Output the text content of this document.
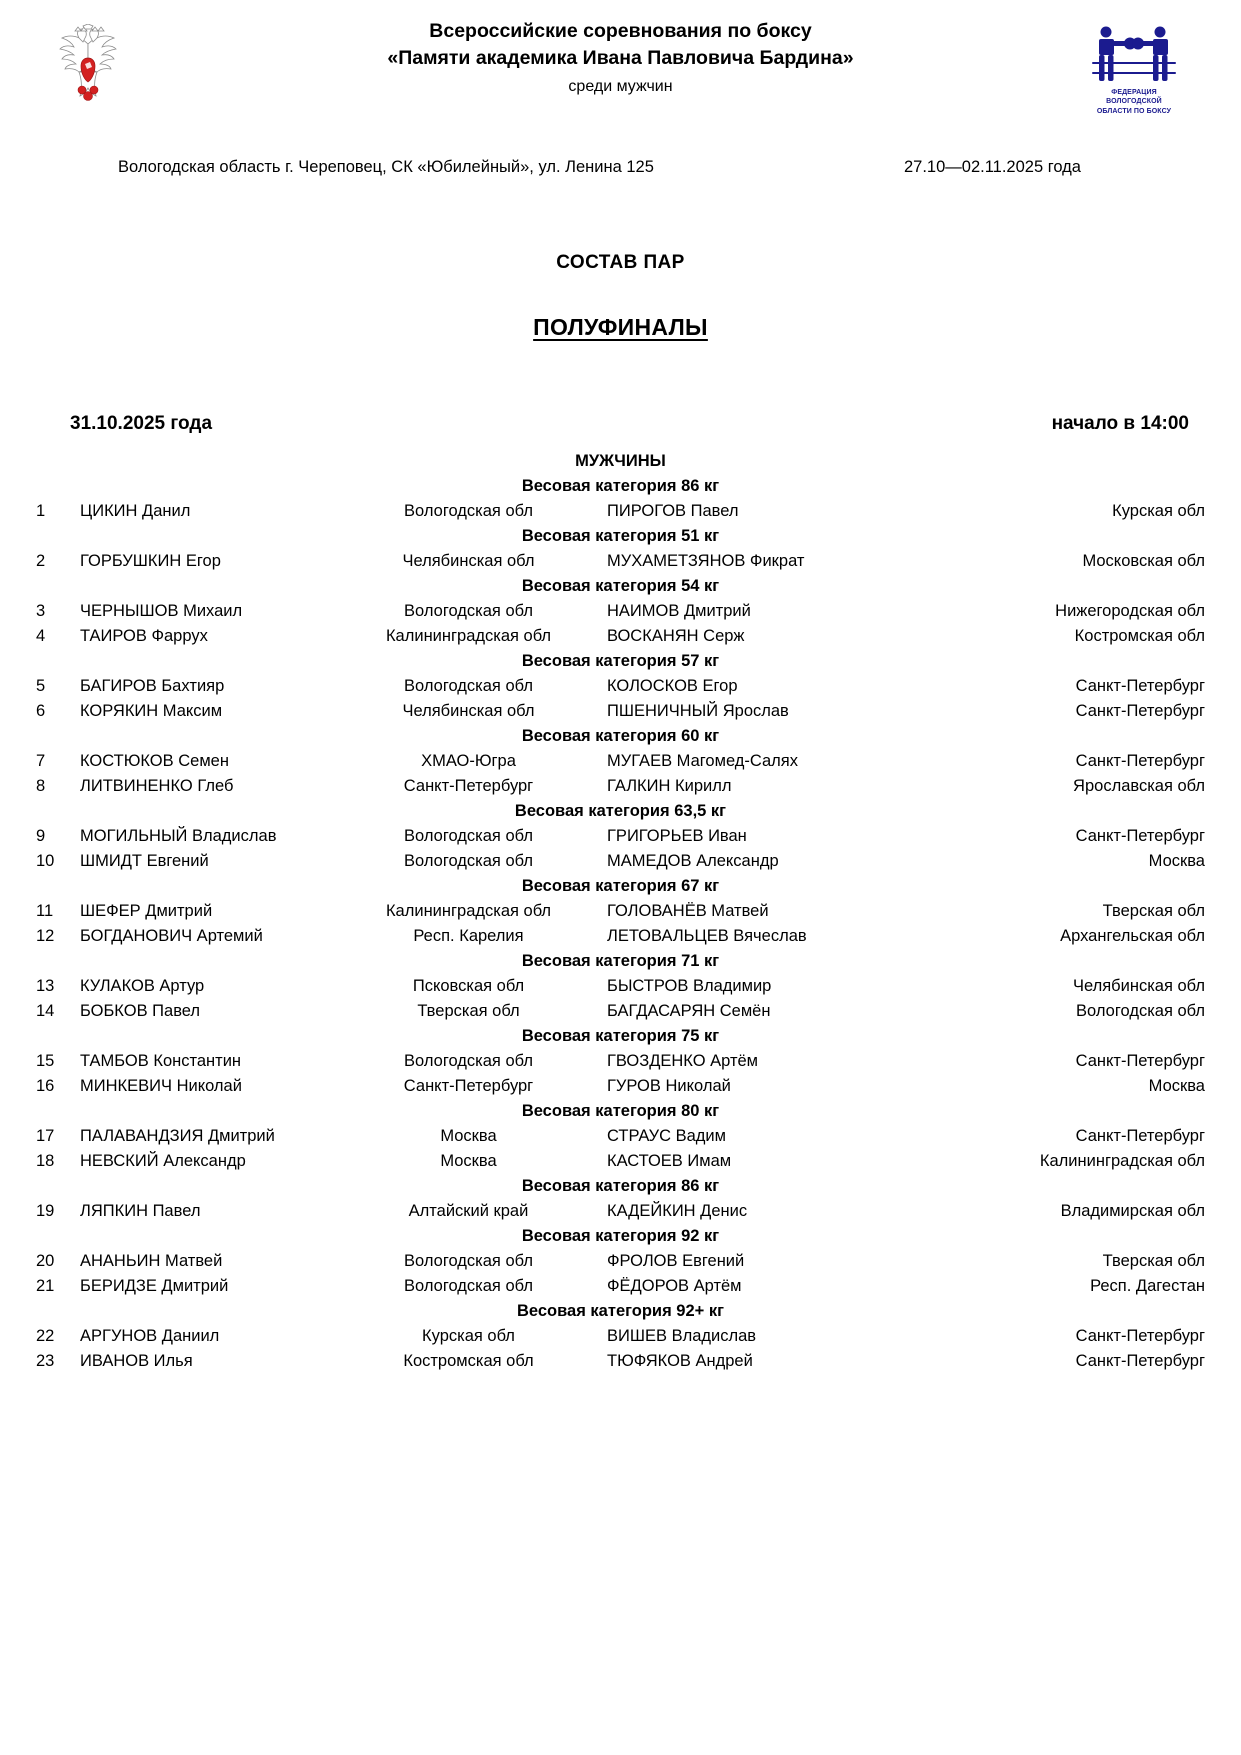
Всероссийские соревнования по боксу
«Памяти академика Ивана Павловича Бардина»
среди мужчин	ФЕДЕРАЦИЯ
ВОЛОГОДСКОЙ
ОБЛАСТИ ПО БОКСУ
Вологодская область г. Череповец, СК «Юбилейный», ул. Ленина 125	27.10—02.11.2025 года
СОСТАВ ПАР
ПОЛУФИНАЛЫ
31.10.2025 года	начало в 14:00
МУЖЧИНЫ
Весовая категория 86 кг
1	ЦИКИН Данил	Вологодская обл	ПИРОГОВ Павел	Курская обл
Весовая категория 51 кг
2	ГОРБУШКИН Егор	Челябинская обл	МУХАМЕТЗЯНОВ Фикрат	Московская обл
Весовая категория 54 кг
3	ЧЕРНЫШОВ Михаил	Вологодская обл	НАИМОВ Дмитрий	Нижегородская обл
4	ТАИРОВ Фаррух	Калининградская обл	ВОСКАНЯН Серж	Костромская обл
Весовая категория 57 кг
5	БАГИРОВ Бахтияр	Вологодская обл	КОЛОСКОВ Егор	Санкт-Петербург
6	КОРЯКИН Максим	Челябинская обл	ПШЕНИЧНЫЙ Ярослав	Санкт-Петербург
Весовая категория 60 кг
7	КОСТЮКОВ Семен	ХМАО-Югра	МУГАЕВ Магомед-Салях	Санкт-Петербург
8	ЛИТВИНЕНКО Глеб	Санкт-Петербург	ГАЛКИН Кирилл	Ярославская обл
Весовая категория 63,5 кг
9	МОГИЛЬНЫЙ Владислав	Вологодская обл	ГРИГОРЬЕВ Иван	Санкт-Петербург
10	ШМИДТ Евгений	Вологодская обл	МАМЕДОВ Александр	Москва
Весовая категория 67 кг
11	ШЕФЕР Дмитрий	Калининградская обл	ГОЛОВАНЁВ Матвей	Тверская обл
12	БОГДАНОВИЧ Артемий	Респ. Карелия	ЛЕТОВАЛЬЦЕВ Вячеслав	Архангельская обл
Весовая категория 71 кг
13	КУЛАКОВ Артур	Псковская обл	БЫСТРОВ Владимир	Челябинская обл
14	БОБКОВ Павел	Тверская обл	БАГДАСАРЯН Семён	Вологодская обл
Весовая категория 75 кг
15	ТАМБОВ Константин	Вологодская обл	ГВОЗДЕНКО Артём	Санкт-Петербург
16	МИНКЕВИЧ Николай	Санкт-Петербург	ГУРОВ Николай	Москва
Весовая категория 80 кг
17	ПАЛАВАНДЗИЯ Дмитрий	Москва	СТРАУС Вадим	Санкт-Петербург
18	НЕВСКИЙ Александр	Москва	КАСТОЕВ Имам	Калининградская обл
Весовая категория 86 кг
19	ЛЯПКИН Павел	Алтайский край	КАДЕЙКИН Денис	Владимирская обл
Весовая категория 92 кг
20	АНАНЬИН Матвей	Вологодская обл	ФРОЛОВ Евгений	Тверская обл
21	БЕРИДЗЕ Дмитрий	Вологодская обл	ФЁДОРОВ Артём	Респ. Дагестан
Весовая категория 92+ кг
22	АРГУНОВ Даниил	Курская обл	ВИШЕВ Владислав	Санкт-Петербург
23	ИВАНОВ Илья	Костромская обл	ТЮФЯКОВ Андрей	Санкт-Петербург
